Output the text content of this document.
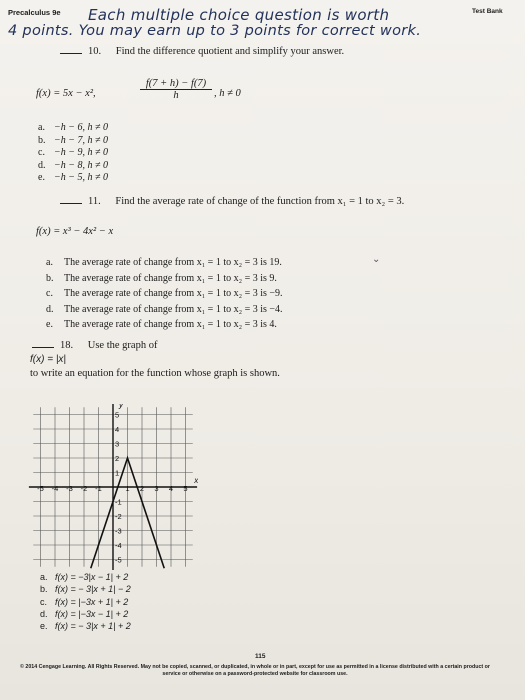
Precalculus 9e	Test Bank
Each multiple choice question is worth
4 points. You may earn up to 3 points for correct work.
10. Find the difference quotient and simplify your answer.
f(x) = 5x − x²,	$\frac{f(7 + h) - f(7)}{h}$ , h ≠ 0
a. −h − 6, h ≠ 0
b. −h − 7, h ≠ 0
c. −h − 9, h ≠ 0
d. −h − 8, h ≠ 0
e. −h − 5, h ≠ 0
11. Find the average rate of change of the function from x₁ = 1 to x₂ = 3.
f(x) = x³ − 4x² − x
a. The average rate of change from x₁ = 1 to x₂ = 3 is 19.
b. The average rate of change from x₁ = 1 to x₂ = 3 is 9.
c. The average rate of change from x₁ = 1 to x₂ = 3 is −9.
d. The average rate of change from x₁ = 1 to x₂ = 3 is −4.
e. The average rate of change from x₁ = 1 to x₂ = 3 is 4.
⌄
18. Use the graph of
f(x) = |x|
to write an equation for the function whose graph is shown.
-5 -4 -3 -2 -1	1 2 3 4 5
5
4
3
2
1
-1
-2
-3
-4
-5
x
y
a. f(x) = −3|x − 1| + 2
b. f(x) = − 3|x + 1| − 2
c. f(x) = |−3x + 1| + 2
d. f(x) = |−3x − 1| + 2
e. f(x) = − 3|x + 1| + 2
115
© 2014 Cengage Learning. All Rights Reserved. May not be copied, scanned, or duplicated, in whole or in part, except for use as permitted in a license distributed with a certain product or service or otherwise on a password-protected website for classroom use.
